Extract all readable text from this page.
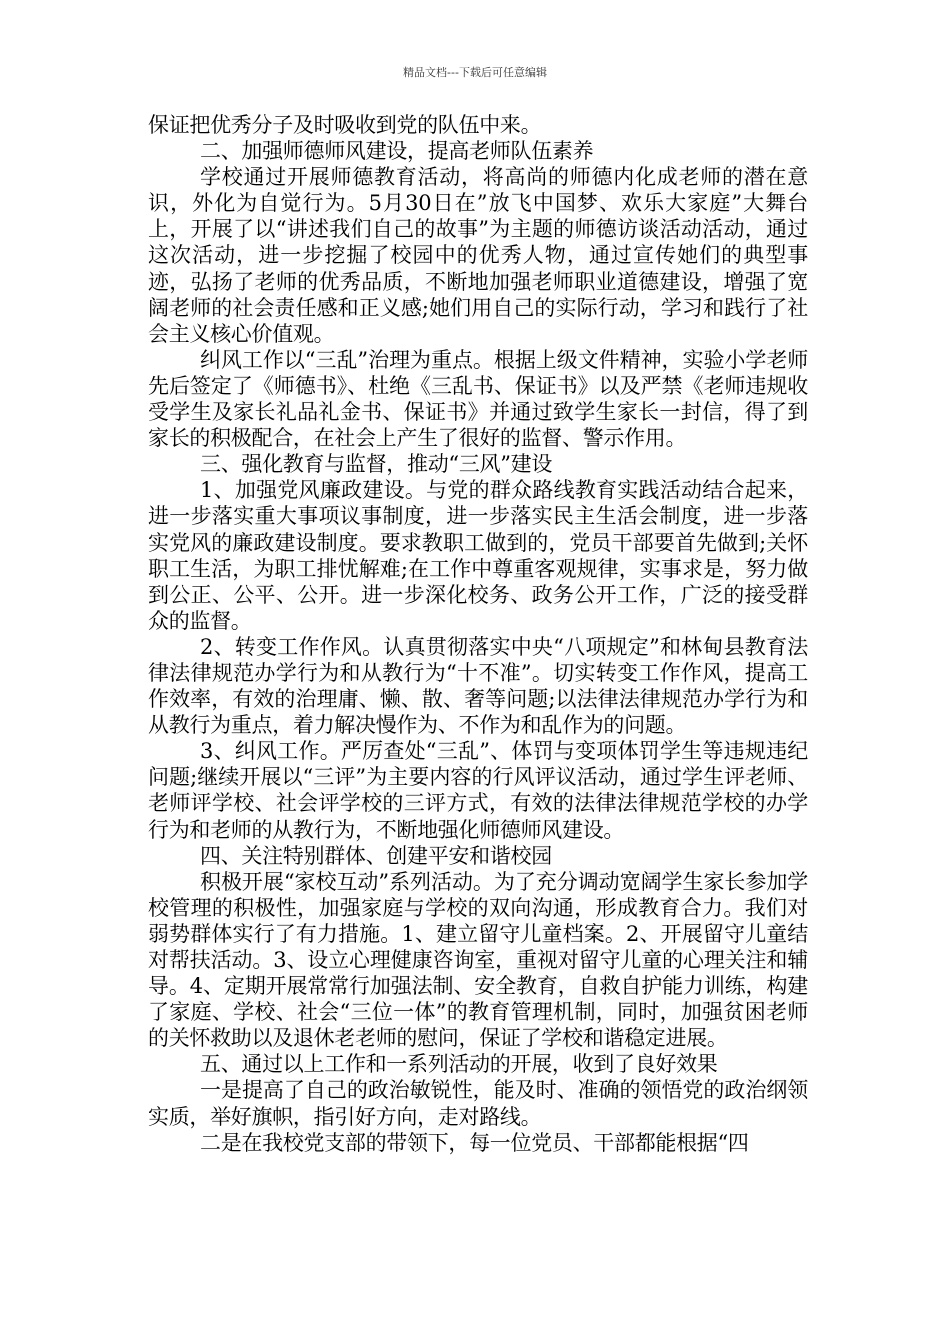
精品文档---下载后可任意编辑

保证把优秀分子及时吸收到党的队伍中来。

二、加强师德师风建设，提高老师队伍素养

学校通过开展师德教育活动，将高尚的师德内化成老师的潜在意识，外化为自觉行为。5月30日在”放飞中国梦、欢乐大家庭”大舞台上，开展了以“讲述我们自己的故事”为主题的师德访谈活动活动，通过这次活动，进一步挖掘了校园中的优秀人物，通过宣传她们的典型事迹，弘扬了老师的优秀品质，不断地加强老师职业道德建设，增强了宽阔老师的社会责任感和正义感;她们用自己的实际行动，学习和践行了社会主义核心价值观。

纠风工作以“三乱”治理为重点。根据上级文件精神，实验小学老师先后签定了《师德书》、杜绝《三乱书、保证书》以及严禁《老师违规收受学生及家长礼品礼金书、保证书》并通过致学生家长一封信，得了到家长的积极配合，在社会上产生了很好的监督、警示作用。

三、强化教育与监督，推动“三风”建设

1、加强党风廉政建设。与党的群众路线教育实践活动结合起来，进一步落实重大事项议事制度，进一步落实民主生活会制度，进一步落实党风的廉政建设制度。要求教职工做到的，党员干部要首先做到;关怀职工生活，为职工排忧解难;在工作中尊重客观规律，实事求是，努力做到公正、公平、公开。进一步深化校务、政务公开工作，广泛的接受群众的监督。

2、转变工作作风。认真贯彻落实中央“八项规定”和林甸县教育法律法律规范办学行为和从教行为“十不准”。切实转变工作作风，提高工作效率，有效的治理庸、懒、散、奢等问题;以法律法律规范办学行为和从教行为重点，着力解决慢作为、不作为和乱作为的问题。

3、纠风工作。严厉查处“三乱”、体罚与变项体罚学生等违规违纪问题;继续开展以“三评”为主要内容的行风评议活动，通过学生评老师、老师评学校、社会评学校的三评方式，有效的法律法律规范学校的办学行为和老师的从教行为，不断地强化师德师风建设。

四、关注特别群体、创建平安和谐校园

积极开展“家校互动”系列活动。为了充分调动宽阔学生家长参加学校管理的积极性，加强家庭与学校的双向沟通，形成教育合力。我们对弱势群体实行了有力措施。1、建立留守儿童档案。2、开展留守儿童结对帮扶活动。3、设立心理健康咨询室，重视对留守儿童的心理关注和辅导。4、定期开展常常行加强法制、安全教育，自救自护能力训练，构建了家庭、学校、社会“三位一体”的教育管理机制，同时，加强贫困老师的关怀救助以及退休老老师的慰问，保证了学校和谐稳定进展。

五、通过以上工作和一系列活动的开展，收到了良好效果

一是提高了自己的政治敏锐性，能及时、准确的领悟党的政治纲领实质，举好旗帜，指引好方向，走对路线。

二是在我校党支部的带领下，每一位党员、干部都能根据“四
